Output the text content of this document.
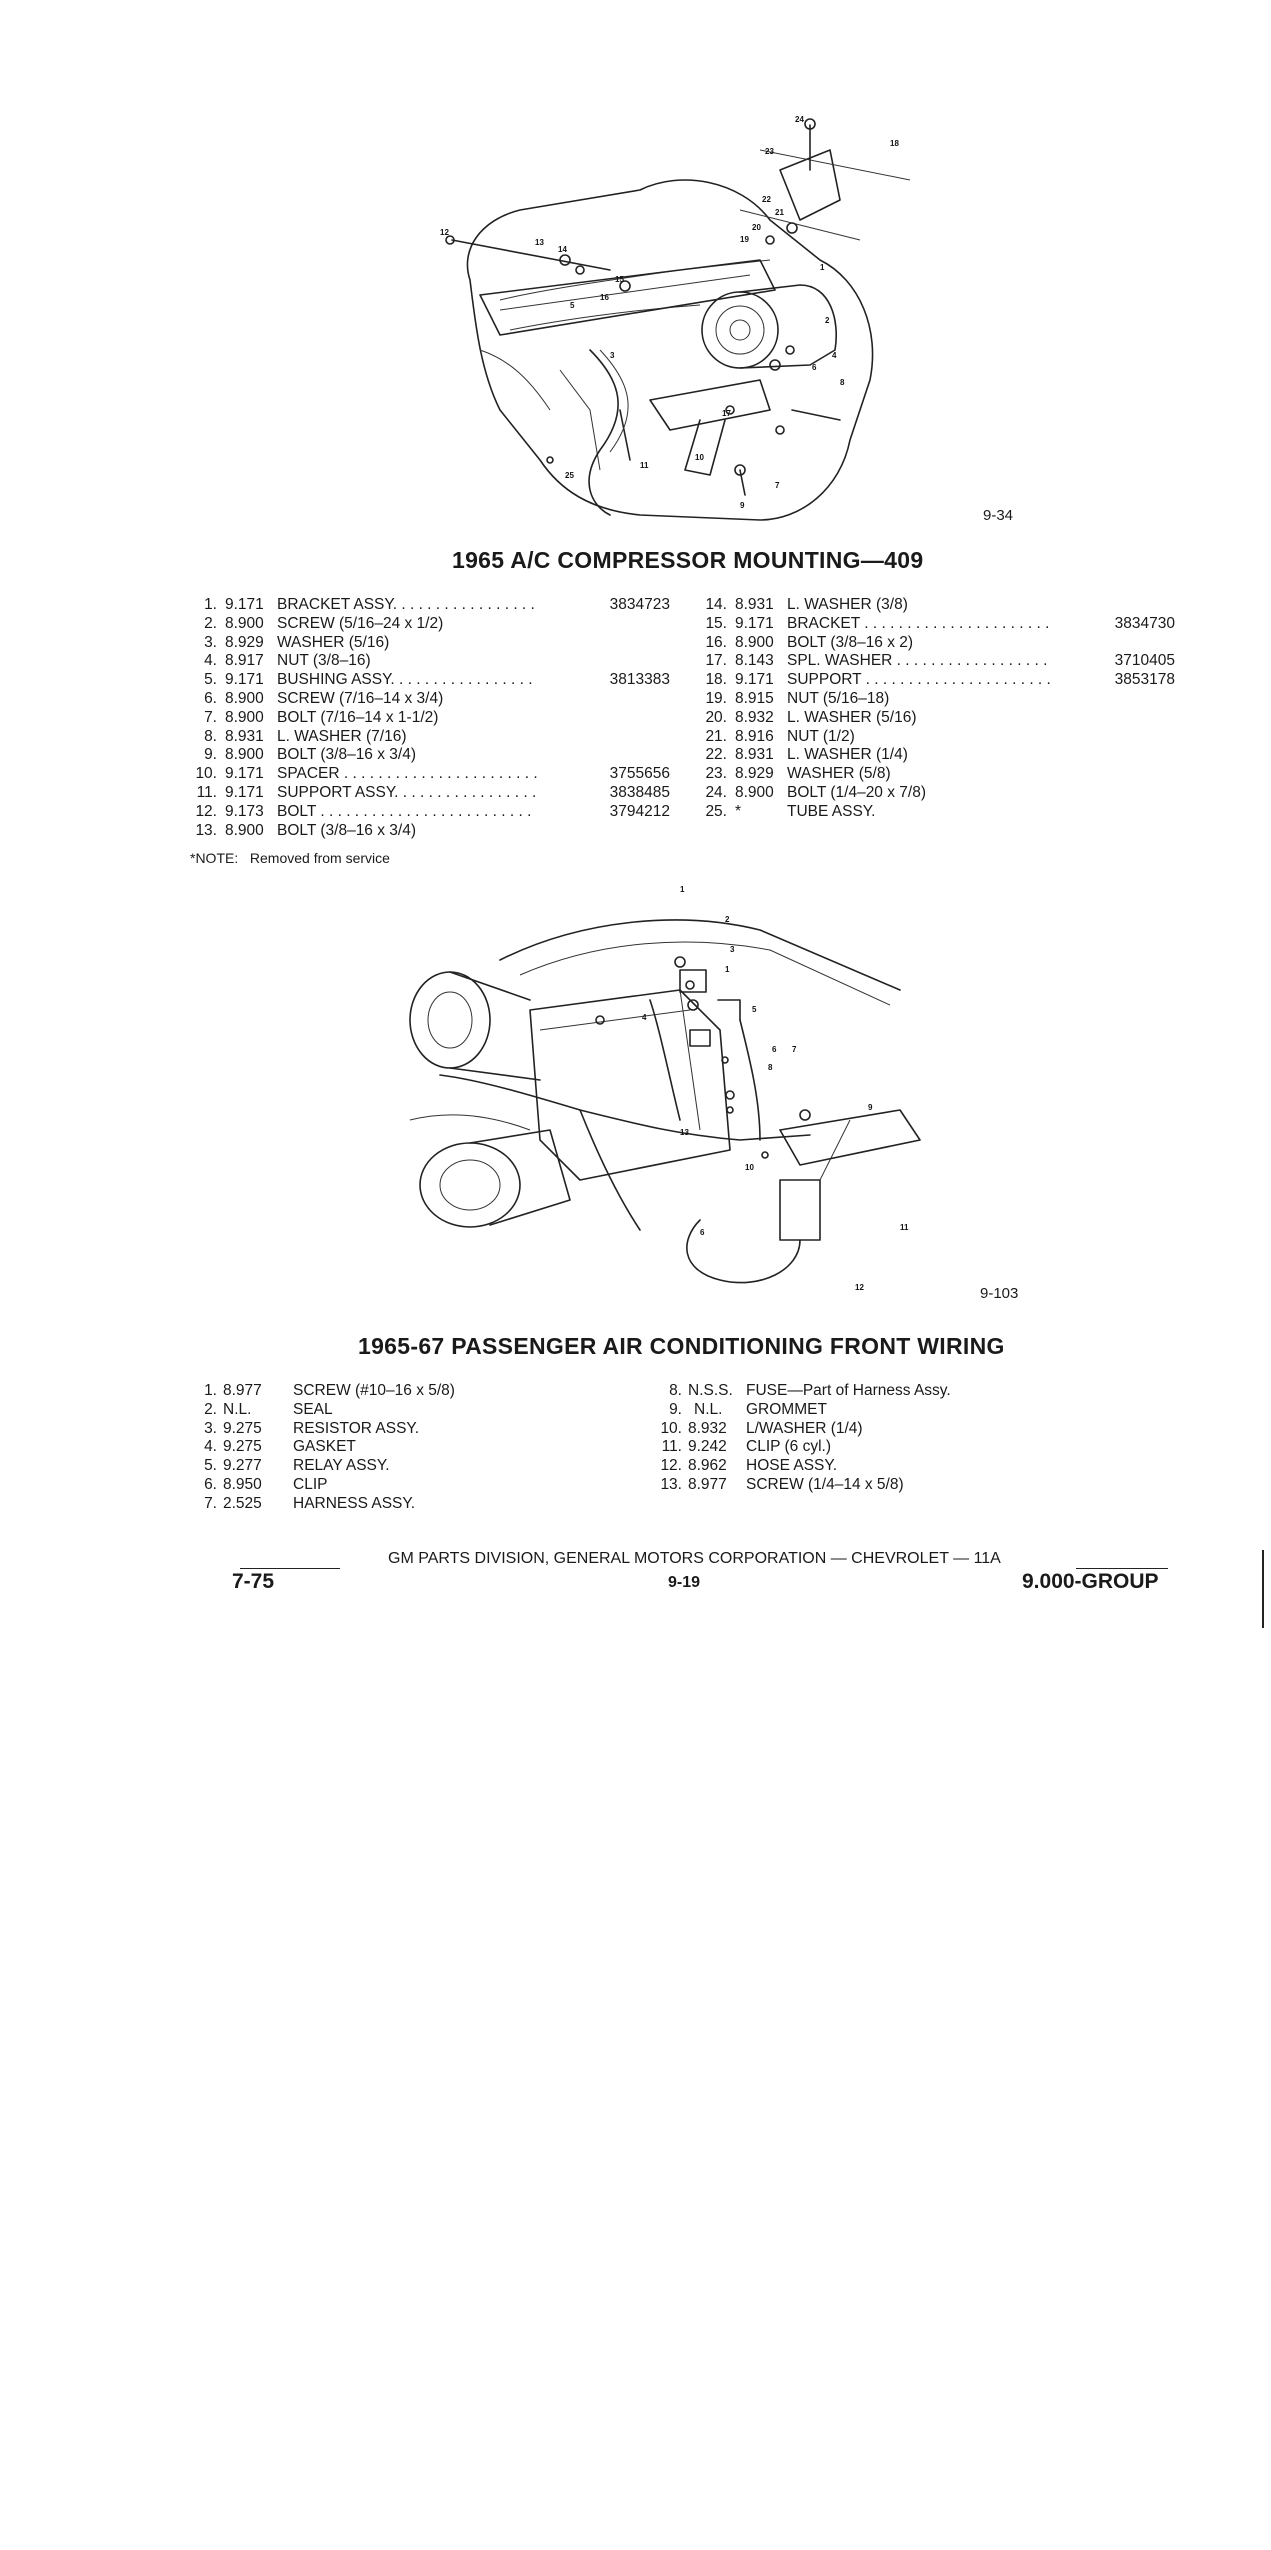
24
18
23
22
21
20
19
12
13
14
15
16
5
3
1
2
4
6
8
17
10
11
25
7
9
9-34
1965 A/C COMPRESSOR MOUNTING—409
1. 9.171 BRACKET ASSY. . . . . . . . . . . . . . . . .	3834723
2. 8.900 SCREW (5/16–24 x 1/2)
3. 8.929 WASHER (5/16)
4. 8.917 NUT (3/8–16)
5. 9.171 BUSHING ASSY. . . . . . . . . . . . . . . . .	3813383
6. 8.900 SCREW (7/16–14 x 3/4)
7. 8.900 BOLT (7/16–14 x 1-1/2)
8. 8.931 L. WASHER (7/16)
9. 8.900 BOLT (3/8–16 x 3/4)
10. 9.171 SPACER . . . . . . . . . . . . . . . . . . . . . . .	3755656
11. 9.171 SUPPORT ASSY. . . . . . . . . . . . . . . . .	3838485
12. 9.173 BOLT . . . . . . . . . . . . . . . . . . . . . . . . .	3794212
13. 8.900 BOLT (3/8–16 x 3/4)
14. 8.931 L. WASHER (3/8)
15. 9.171 BRACKET . . . . . . . . . . . . . . . . . . . . . .	3834730
16. 8.900 BOLT (3/8–16 x 2)
17. 8.143 SPL. WASHER . . . . . . . . . . . . . . . . . .	3710405
18. 9.171 SUPPORT . . . . . . . . . . . . . . . . . . . . . .	3853178
19. 8.915 NUT (5/16–18)
20. 8.932 L. WASHER (5/16)
21. 8.916 NUT (1/2)
22. 8.931 L. WASHER (1/4)
23. 8.929 WASHER (5/8)
24. 8.900 BOLT (1/4–20 x 7/8)
25. *	TUBE ASSY.
*NOTE:   Removed from service
1
2
3
1
4
5
6 7
8
9
13
10
11
6
12	9-103
1965-67 PASSENGER AIR CONDITIONING FRONT WIRING
1. 8.977 SCREW (#10–16 x 5/8)
2. N.L.	SEAL
3. 9.275 RESISTOR ASSY.
4. 9.275 GASKET
5. 9.277 RELAY ASSY.
6. 8.950 CLIP
7. 2.525 HARNESS ASSY.
8. N.S.S. FUSE—Part of Harness Assy.
9. N.L. GROMMET
10. 8.932 L/WASHER (1/4)
11. 9.242 CLIP (6 cyl.)
12. 8.962 HOSE ASSY.
13. 8.977 SCREW (1/4–14 x 5/8)
GM PARTS DIVISION, GENERAL MOTORS CORPORATION — CHEVROLET — 11A
7-75	9-19	9.000-GROUP
